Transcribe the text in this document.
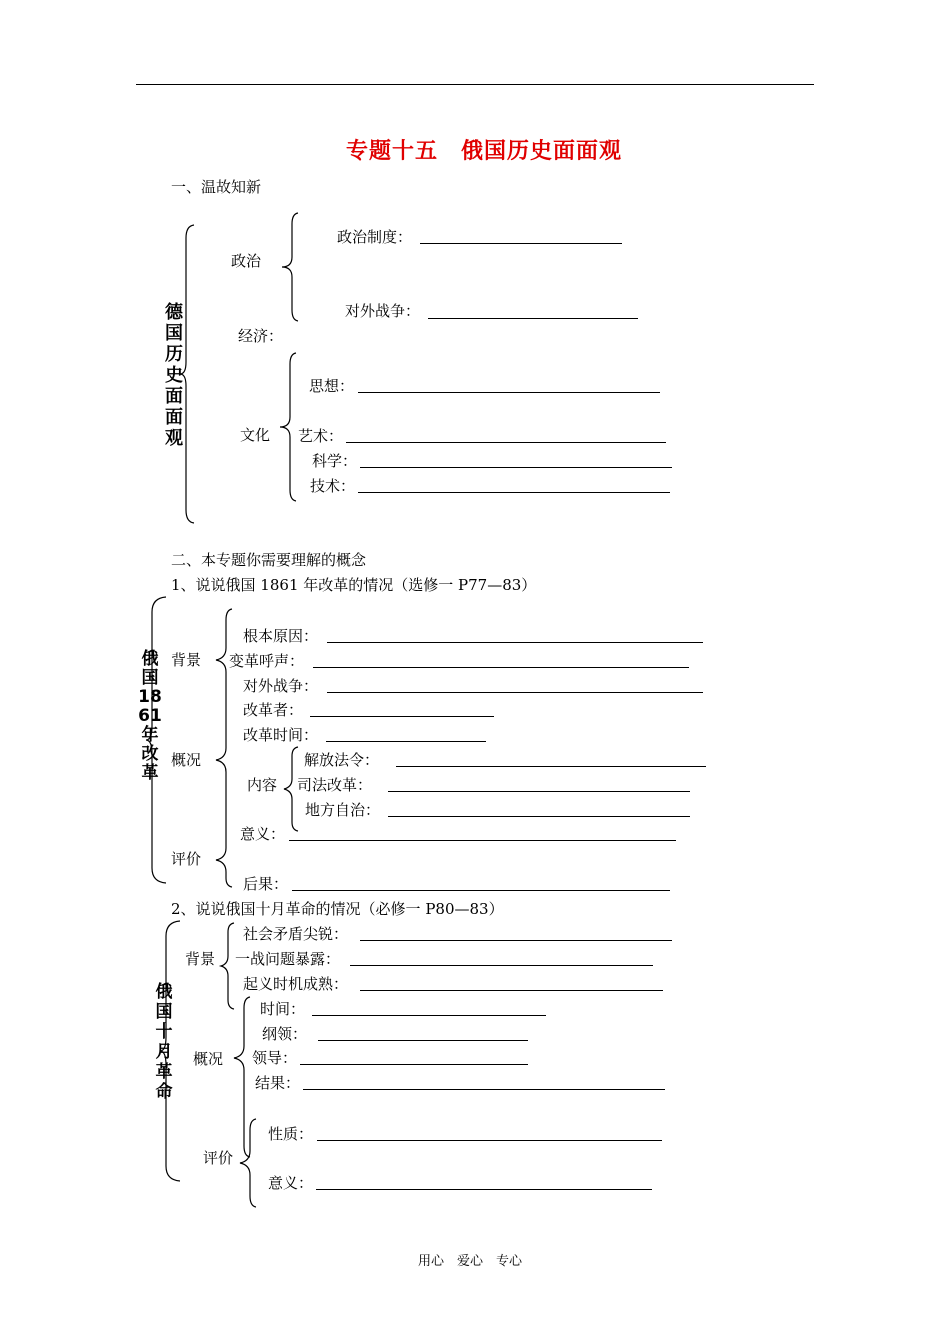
专题十五　俄国历史面面观
一、温故知新
德国历史面面观
政治
政治制度：
对外战争：
经济：
文化
思想：
艺术：
科学：
技术：
二、本专题你需要理解的概念
1、说说俄国 1861 年改革的情况（选修一 P77—83）
俄国 1861 年改革
背景
根本原因：
变革呼声：
对外战争：
改革者：
改革时间：
概况
内容
解放法令：
司法改革：
地方自治：
意义：
评价
后果：
2、说说俄国十月革命的情况（必修一 P80—83）
俄国十月革命
背景
社会矛盾尖锐：
一战问题暴露：
起义时机成熟：
概况
时间：
纲领：
领导：
结果：
评价
性质：
意义：
用心　爱心　专心
